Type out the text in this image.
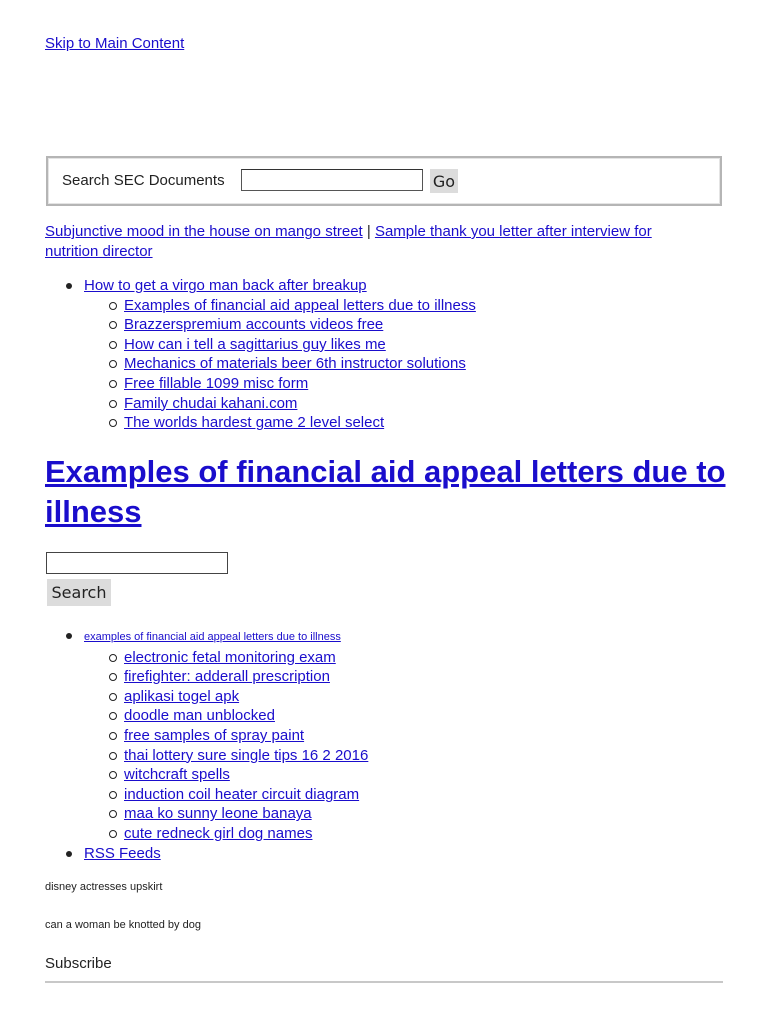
Skip to Main Content
Search SEC Documents	Go
Subjunctive mood in the house on mango street | Sample thank you letter after interview for nutrition director
How to get a virgo man back after breakup
Examples of financial aid appeal letters due to illness
Brazzerspremium accounts videos free
How can i tell a sagittarius guy likes me
Mechanics of materials beer 6th instructor solutions
Free fillable 1099 misc form
Family chudai kahani.com
The worlds hardest game 2 level select
Examples of financial aid appeal letters due to illness
Search
examples of financial aid appeal letters due to illness
electronic fetal monitoring exam
firefighter: adderall prescription
aplikasi togel apk
doodle man unblocked
free samples of spray paint
thai lottery sure single tips 16 2 2016
witchcraft spells
induction coil heater circuit diagram
maa ko sunny leone banaya
cute redneck girl dog names
RSS Feeds
disney actresses upskirt
can a woman be knotted by dog
Subscribe
